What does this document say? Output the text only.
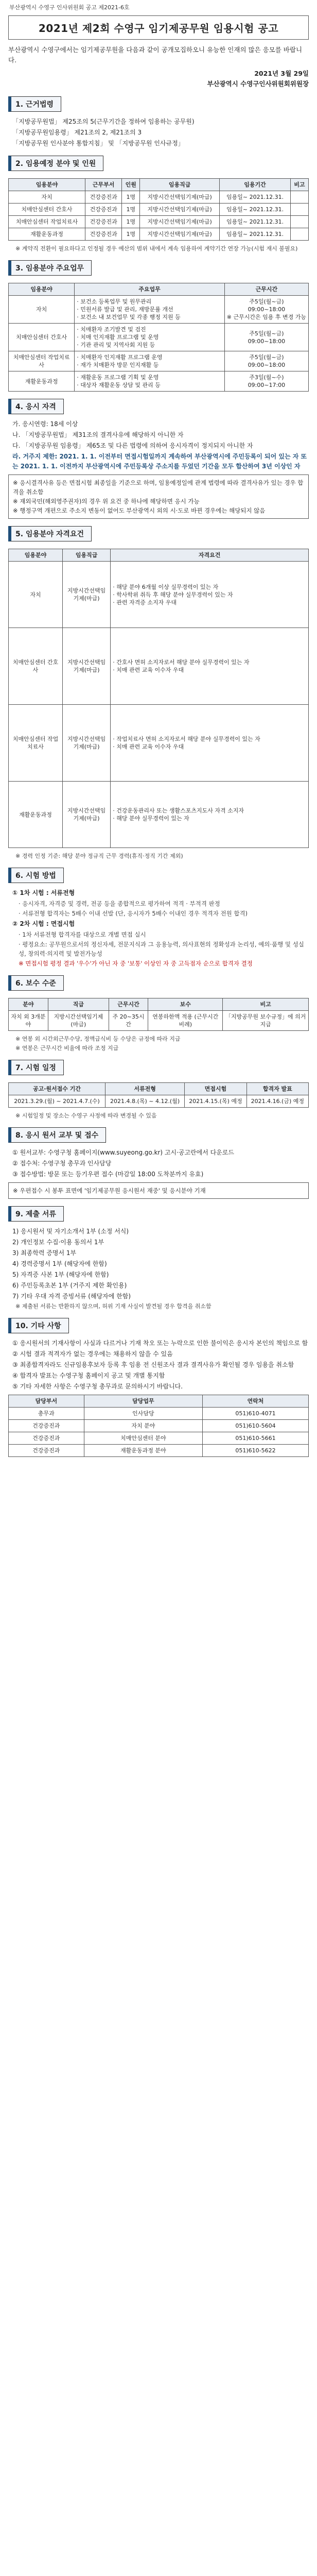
부산광역시 수영구 인사위원회 공고 제2021-6호
2021년 제2회 수영구 임기제공무원 임용시험 공고
부산광역시 수영구에서는 임기제공무원을 다음과 같이 공개모집하오니 유능한 인재의 많은 응모를 바랍니다.
2021년 3월 29일
부산광역시 수영구인사위원회위원장
1. 근거법령
「지방공무원법」 제25조의 5(근무기간을 정하여 임용하는 공무원)
「지방공무원임용령」 제21조의 2, 제21조의 3
「지방공무원 인사분야 통합지침」 및 「지방공무원 인사규정」
2. 임용예정 분야 및 인원
임용분야	근무부서	인원	임용직급	임용기간	비고
자치	건강증진과	1명	지방시간선택임기제(마급)	임용일~ 2021.12.31.	
치매안심센터 간호사	건강증진과	1명	지방시간선택임기제(마급)	임용일~ 2021.12.31.	
치매안심센터 작업치료사	건강증진과	1명	지방시간선택임기제(마급)	임용일~ 2021.12.31.	
재활운동과정	건강증진과	1명	지방시간선택임기제(마급)	임용일~ 2021.12.31.	
※ 계약직 전환이 필요하다고 인정될 경우 예산의 범위 내에서 계속 임용하여 계약기간 연장 가능(시험 재시 불필요)
3. 임용분야 주요업무
임용분야	주요업무	근무시간
자치	· 보건소 등록업무 및 원무관리
· 민원서류 발급 및 관리, 재방문률 개선
· 보건소 내 보건업무 및 각종 행정 지원 등	주5일(월~금)
09:00~18:00
※ 근무시간은 임용 후 변경 가능
치매안심센터 간호사	· 치매환자 조기발견 및 검진
· 치매 인지재활 프로그램 및 운영
· 기관 관리 및 지역사회 지원 등	주5일(월~금)
09:00~18:00
치매안심센터 작업치료사	· 치매환자 인지재활 프로그램 운영
· 재가 치매환자 방문 인지재활 등	주5일(월~금)
09:00~18:00
재활운동과정	· 재활운동 프로그램 기획 및 운영
· 대상자 재활운동 상담 및 관리 등	주3일(월~수)
09:00~17:00
4. 응시 자격
가. 응시연령: 18세 이상
나. 「지방공무원법」 제31조의 결격사유에 해당하지 아니한 자
다. 「지방공무원 임용령」 제65조 및 다른 법령에 의하여 응시자격이 정지되지 아니한 자
라. 거주지 제한: 2021. 1. 1. 이전부터 면접시험일까지 계속하여 부산광역시에 주민등록이 되어 있는 자 또는 2021. 1. 1. 이전까지 부산광역시에 주민등록상 주소지를 두었던 기간을 모두 합산하여 3년 이상인 자
※ 응시결격사유 등은 면접시험 최종일을 기준으로 하며, 임용예정일에 관계 법령에 따라 결격사유가 있는 경우 합격을 취소함
※ 재외국민(해외영주권자)의 경우 위 요건 중 하나에 해당하면 응시 가능
※ 행정구역 개편으로 주소지 변동이 없어도 부산광역시 외의 시·도로 바뀐 경우에는 해당되지 않음
5. 임용분야 자격요건
임용분야	임용직급	자격요건
자치	지방시간선택임기제(마급)	· 해당 분야 6개월 이상 실무경력이 있는 자
· 학사학위 취득 후 해당 분야 실무경력이 있는 자
· 관련 자격증 소지자 우대
치매안심센터 간호사	지방시간선택임기제(마급)	· 간호사 면허 소지자로서 해당 분야 실무경력이 있는 자
· 치매 관련 교육 이수자 우대
치매안심센터 작업치료사	지방시간선택임기제(마급)	· 작업치료사 면허 소지자로서 해당 분야 실무경력이 있는 자
· 치매 관련 교육 이수자 우대
재활운동과정	지방시간선택임기제(마급)	· 건강운동관리사 또는 생활스포츠지도사 자격 소지자
· 해당 분야 실무경력이 있는 자
※ 경력 인정 기준: 해당 분야 정규직 근무 경력(휴직·정직 기간 제외)
6. 시험 방법
① 1차 시험 : 서류전형
· 응시자격, 자격증 및 경력, 전공 등을 종합적으로 평가하여 적격 · 부적격 판정
· 서류전형 합격자는 5배수 이내 선발 (단, 응시자가 5배수 이내인 경우 적격자 전원 합격)
② 2차 시험 : 면접시험
· 1차 서류전형 합격자를 대상으로 개별 면접 실시
· 평정요소: 공무원으로서의 정신자세, 전문지식과 그 응용능력, 의사표현의 정확성과 논리성, 예의·품행 및 성실성, 창의력·의지력 및 발전가능성
※ 면접시험 평정 결과 '우수'가 아닌 자 중 '보통' 이상인 자 중 고득점자 순으로 합격자 결정
6. 보수 수준
분야	직급	근무시간	보수	비고
자치 외 3개분야	지방시간선택임기제(마급)	주 20~35시간	연봉하한액 적용 (근무시간 비례)	「지방공무원 보수규정」에 의거 지급
※ 연봉 외 시간외근무수당, 정액급식비 등 수당은 규정에 따라 지급
※ 연봉은 근무시간 비율에 따라 조정 지급
7. 시험 일정
공고·원서접수 기간	서류전형	면접시험	합격자 발표
2021.3.29.(월) ~ 2021.4.7.(수)	2021.4.8.(목) ~ 4.12.(월)	2021.4.15.(목) 예정	2021.4.16.(금) 예정
※ 시험일정 및 장소는 수영구 사정에 따라 변경될 수 있음
8. 응시 원서 교부 및 접수
① 원서교부: 수영구청 홈페이지(www.suyeong.go.kr) 고시·공고란에서 다운로드
② 접수처: 수영구청 총무과 인사담당
③ 접수방법: 방문 또는 등기우편 접수 (마감일 18:00 도착분까지 유효)
※ 우편접수 시 봉투 표면에 '임기제공무원 응시원서 재중' 및 응시분야 기재
9. 제출 서류
1) 응시원서 및 자기소개서 1부 (소정 서식)
2) 개인정보 수집·이용 동의서 1부
3) 최종학력 증명서 1부
4) 경력증명서 1부 (해당자에 한함)
5) 자격증 사본 1부 (해당자에 한함)
6) 주민등록초본 1부 (거주지 제한 확인용)
7) 기타 우대 자격 증빙서류 (해당자에 한함)
※ 제출된 서류는 반환하지 않으며, 허위 기재 사실이 발견될 경우 합격을 취소함
10. 기타 사항
① 응시원서의 기재사항이 사실과 다르거나 기재 착오 또는 누락으로 인한 불이익은 응시자 본인의 책임으로 함
② 시험 결과 적격자가 없는 경우에는 채용하지 않을 수 있음
③ 최종합격자라도 신규임용후보자 등록 후 임용 전 신원조사 결과 결격사유가 확인될 경우 임용을 취소함
④ 합격자 발표는 수영구청 홈페이지 공고 및 개별 통지함
⑤ 기타 자세한 사항은 수영구청 총무과로 문의하시기 바랍니다.
담당부서	담당업무	연락처
총무과	인사담당	051)610-4071
건강증진과	자치 분야	051)610-5604
건강증진과	치매안심센터 분야	051)610-5661
건강증진과	재활운동과정 분야	051)610-5622
